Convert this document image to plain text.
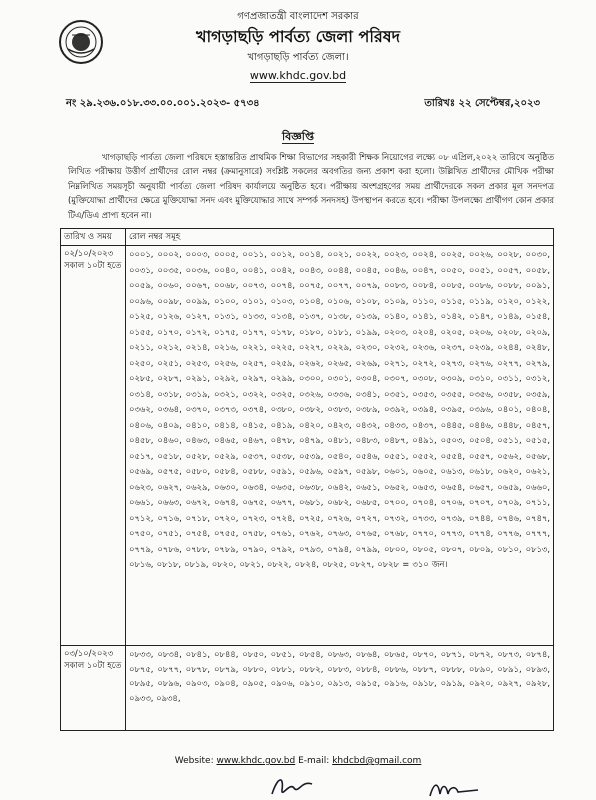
গণপ্রজাতন্ত্রী বাংলাদেশ সরকার
খাগড়াছড়ি পার্বত্য জেলা পরিষদ
খাগড়াছড়ি পার্বত্য জেলা।
www.khdc.gov.bd
নং ২৯.২৩৬.০১৮.৩৩.০০.০০১.২০২৩- ৫৭৩৪	তারিখঃ ২২ সেপ্টেম্বর,২০২৩
বিজ্ঞপ্তি
খাগড়াছড়ি পার্বত্য জেলা পরিষদে হস্তান্তরিত প্রাথমিক শিক্ষা বিভাগের সহকারী শিক্ষক নিয়োগের লক্ষ্যে ০৮ এপ্রিল,২০২২ তারিখে অনুষ্ঠিত লিখিত পরীক্ষায় উত্তীর্ণ প্রার্থীদের রোল নম্বর (ক্রমানুসারে) সংশ্লিষ্ট সকলের অবগতির জন্য প্রকাশ করা হলো। উল্লিখিত প্রার্থীদের মৌখিক পরীক্ষা নিম্নলিখিত সময়সূচী অনুযায়ী পার্বত্য জেলা পরিষদ কার্যালয়ে অনুষ্ঠিত হবে। পরীক্ষায় অংশগ্রহণের সময় প্রার্থীদেরকে সকল প্রকার মূল সনদপত্র (মুক্তিযোদ্ধা প্রার্থীদের ক্ষেত্রে মুক্তিযোদ্ধা সনদ এবং মুক্তিযোদ্ধার সাথে সম্পর্ক সনদসহ) উপস্থাপন করতে হবে। পরীক্ষা উপলক্ষ্যে প্রার্থীগণ কোন প্রকার টিএ/ডিএ প্রাপ্য হবেন না।
তারিখ ও সময়	রোল নম্বর সমূহ
০২/১০/২০২৩ সকাল ১০টা হতে	০০০১, ০০০২, ০০০৩, ০০০৫, ০০১১, ০০১২, ০০১৪, ০০২১, ০০২২, ০০২৩, ০০২৪, ০০২৫, ০০২৬, ০০২৮, ০০৩০, ০০৩১, ০০৩৫, ০০৩৬, ০০৪০, ০০৪১, ০০৪২, ০০৪৩, ০০৪৪, ০০৪৫, ০০৪৬, ০০৪৭, ০০৫০, ০০৫১, ০০৫৭, ০০৫৮, ০০৫৯, ০০৬০, ০০৬৭, ০০৬৮, ০০৭৩, ০০৭৪, ০০৭৫, ০০৭৭, ০০৭৯, ০০৮৩, ০০৮৪, ০০৮৫, ০০৮৬, ০০৮৮, ০০৯১, ০০৯৬, ০০৯৮, ০০৯৯, ০১০০, ০১০১, ০১০৩, ০১০৪, ০১০৬, ০১০৮, ০১০৯, ০১১০, ০১১৫, ০১১৯, ০১২০, ০১২২, ০১২৫, ০১২৬, ০১২৭, ০১৩১, ০১৩৩, ০১৩৪, ০১৩৭, ০১৩৮, ০১৩৯, ০১৪০, ০১৪১, ০১৪২, ০১৪৭, ০১৪৯, ০১৫৪, ০১৫৫, ০১৭০, ০১৭২, ০১৭৫, ০১৭৭, ০১৭৮, ০১৮০, ০১৮১, ০১৯৯, ০২০৩, ০২০৪, ০২০৫, ০২০৬, ০২০৮, ০২০৯, ০২১১, ০২১২, ০২১৪, ০২১৬, ০২২১, ০২২৫, ০২২৭, ০২২৯, ০২৩০, ০২৩২, ০২৩৬, ০২৩৭, ০২৩৯, ০২৪৪, ০২৪৮, ০২৫০, ০২৫১, ০২৫৩, ০২৫৬, ০২৫৭, ০২৫৯, ০২৬২, ০২৬৫, ০২৬৯, ০২৭১, ০২৭২, ০২৭৩, ০২৭৬, ০২৭৭, ০২৭৯, ০২৮৫, ০২৮৭, ০২৯১, ০২৯২, ০২৯৭, ০২৯৯, ০৩০০, ০৩০১, ০৩০৪, ০৩০৭, ০৩০৮, ০৩০৯, ০৩১০, ০৩১১, ০৩১২, ০৩১৪, ০৩১৮, ০৩১৯, ০৩২১, ০৩২২, ০৩২৫, ০৩২৬, ০৩৩৬, ০৩৪১, ০৩৫১, ০৩৫৩, ০৩৫৫, ০৩৫৬, ০৩৫৮, ০৩৫৯, ০৩৬২, ০৩৬৪, ০৩৭০, ০৩৭৩, ০৩৭৪, ০৩৮০, ০৩৮২, ০৩৮৩, ০৩৮৯, ০৩৯২, ০৩৯৪, ০৩৯৫, ০৩৯৬, ০৪০১, ০৪০৪, ০৪০৬, ০৪০৯, ০৪১০, ০৪১৪, ০৪১৫, ০৪১৯, ০৪২০, ০৪২৩, ০৪৩২, ০৪৩৩, ০৪৩৭, ০৪৪৫, ০৪৪৬, ০৪৪৮, ০৪৫৭, ০৪৫৮, ০৪৬০, ০৪৬৩, ০৪৬৫, ০৪৬৭, ০৪৭৮, ০৪৭৯, ০৪৮১, ০৪৮৩, ০৪৮৭, ০৪৯১, ০৫০৩, ০৫০৪, ০৫১১, ০৫১৫, ০৫১৭, ০৫১৮, ০৫২৮, ০৫২৯, ০৫৩৭, ০৫৩৮, ০৫৩৯, ০৫৪০, ০৫৪৬, ০৫৫১, ০৫৫২, ০৫৫৪, ০৫৫৭, ০৫৬২, ০৫৬৮, ০৫৬৯, ০৫৭৫, ০৫৮০, ০৫৮৪, ০৫৮৮, ০৫৯১, ০৫৯৬, ০৫৯৭, ০৫৯৮, ০৬০১, ০৬০৫, ০৬১৩, ০৬১৮, ০৬২০, ০৬২১, ০৬২৩, ০৬২৭, ০৬২৯, ০৬৩০, ০৬৩৪, ০৬৩৫, ০৬৩৮, ০৬৪২, ০৬৫১, ০৬৫২, ০৬৫৩, ০৬৫৪, ০৬৫৭, ০৬৫৯, ০৬৬০, ০৬৬১, ০৬৬৩, ০৬৭২, ০৬৭৪, ০৬৭৫, ০৬৭৭, ০৬৮১, ০৬৮২, ০৬৮৫, ০৭০০, ০৭০৪, ০৭০৬, ০৭০৭, ০৭০৯, ০৭১১, ০৭১২, ০৭১৬, ০৭১৮, ০৭২০, ০৭২৩, ০৭২৪, ০৭২৫, ০৭২৬, ০৭২৭, ০৭৩২, ০৭৩৩, ০৭৩৯, ০৭৪৪, ০৭৪৬, ০৭৪৭, ০৭৫০, ০৭৫১, ০৭৫৪, ০৭৫৫, ০৭৫৮, ০৭৬১, ০৭৬২, ০৭৬৩, ০৭৬৫, ০৭৬৮, ০৭৭০, ০৭৭৩, ০৭৭৪, ০৭৭৬, ০৭৭৭, ০৭৭৯, ০৭৮৬, ০৭৮৮, ০৭৮৯, ০৭৯০, ০৭৯২, ০৭৯৩, ০৭৯৪, ০৭৯৯, ০৮০০, ০৮০৫, ০৮০৭, ০৮০৯, ০৮১০, ০৮১৩, ০৮১৬, ০৮১৮, ০৮১৯, ০৮২০, ০৮২১, ০৮২২, ০৮২৪, ০৮২৫, ০৮২৭, ০৮২৮ = ৩১০ জন।
০৩/১০/২০২৩ সকাল ১০টা হতে	০৮৩৩, ০৮৩৪, ০৮৪১, ০৮৪৪, ০৮৫০, ০৮৫১, ০৮৫৪, ০৮৬৩, ০৮৬৪, ০৮৬৫, ০৮৭০, ০৮৭১, ০৮৭২, ০৮৭৩, ০৮৭৪, ০৮৭৫, ০৮৭৭, ০৮৭৮, ০৮৭৯, ০৮৮০, ০৮৮১, ০৮৮২, ০৮৮৩, ০৮৮৪, ০৮৮৬, ০৮৮৭, ০৮৮৮, ০৮৯০, ০৮৯১, ০৮৯৩, ০৮৯৫, ০৮৯৬, ০৯০৩, ০৯০৪, ০৯০৫, ০৯০৬, ০৯১০, ০৯১৩, ০৯১৫, ০৯১৬, ০৯১৮, ০৯১৯, ০৯২০, ০৯২৭, ০৯২৮, ০৯৩৩, ০৯৩৪,
Website: www.khdc.gov.bd E-mail: khdcbd@gmail.com
